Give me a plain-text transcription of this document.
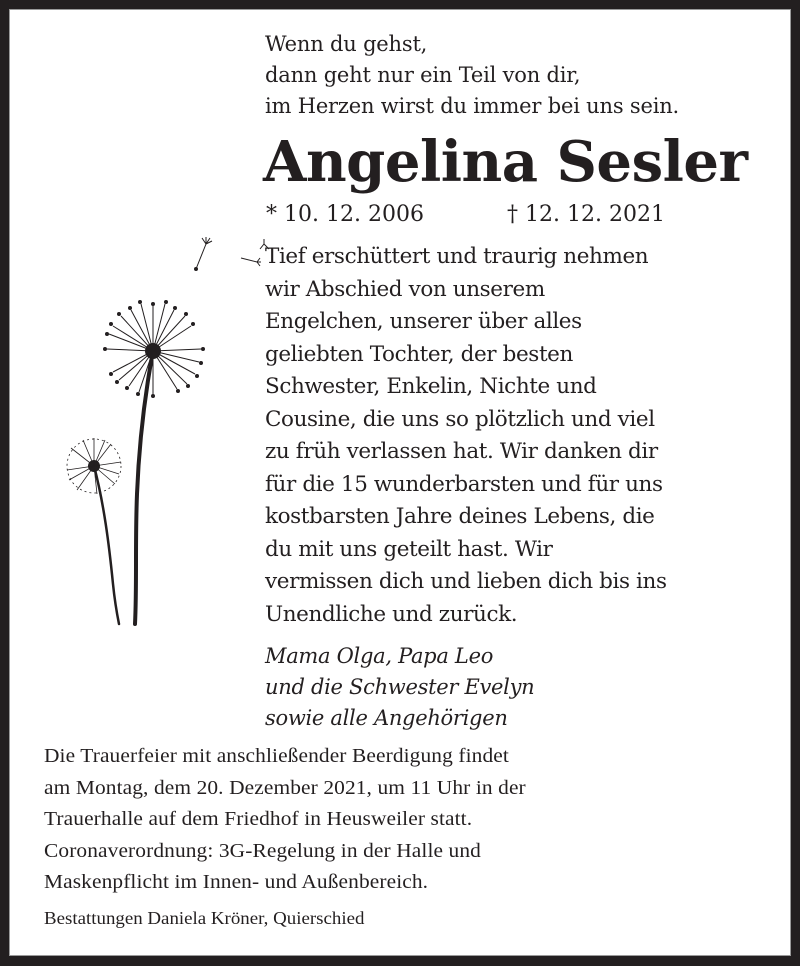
Wenn du gehst,
dann geht nur ein Teil von dir,
im Herzen wirst du immer bei uns sein.
Angelina Sesler
* 10. 12. 2006	† 12. 12. 2021
Tief erschüttert und traurig nehmen
wir Abschied von unserem
Engelchen, unserer über alles
geliebten Tochter, der besten
Schwester, Enkelin, Nichte und
Cousine, die uns so plötzlich und viel
zu früh verlassen hat. Wir danken dir
für die 15 wunderbarsten und für uns
kostbarsten Jahre deines Lebens, die
du mit uns geteilt hast. Wir
vermissen dich und lieben dich bis ins
Unendliche und zurück.
Mama Olga, Papa Leo
und die Schwester Evelyn
sowie alle Angehörigen
Die Trauerfeier mit anschließender Beerdigung findet
am Montag, dem 20. Dezember 2021, um 11 Uhr in der
Trauerhalle auf dem Friedhof in Heusweiler statt.
Coronaverordnung: 3G-Regelung in der Halle und
Maskenpflicht im Innen- und Außenbereich.
Bestattungen Daniela Kröner, Quierschied
